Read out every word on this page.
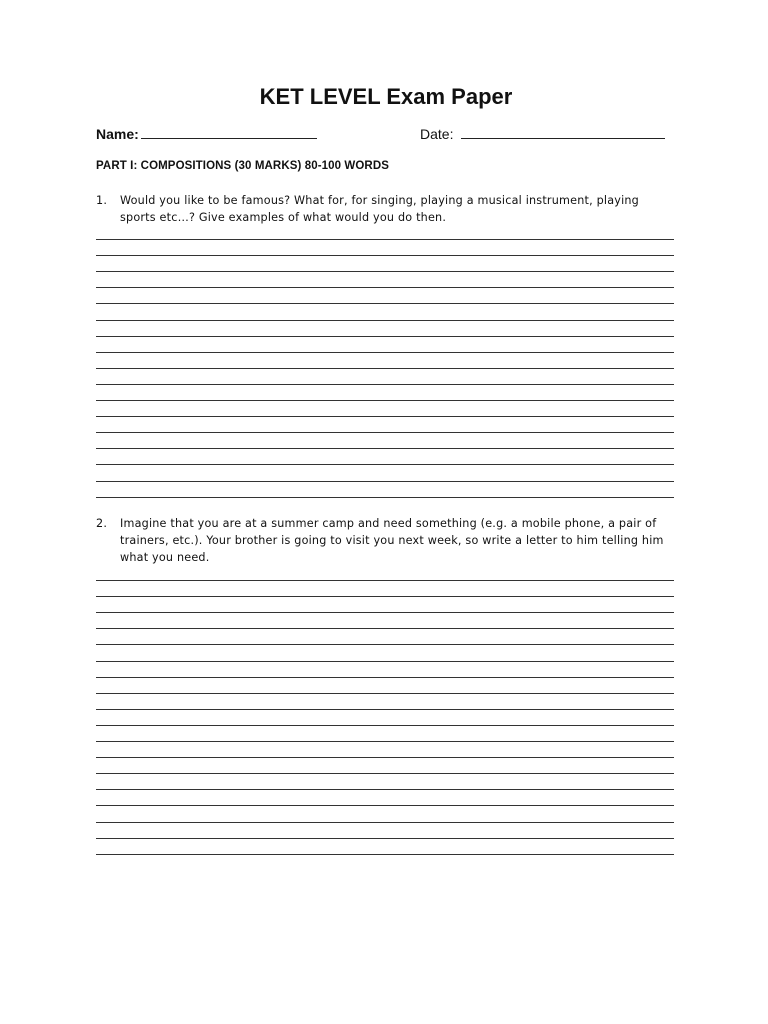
KET LEVEL Exam Paper
Name:	Date:
PART I: COMPOSITIONS (30 MARKS) 80-100 WORDS
1. Would you like to be famous? What for, for singing, playing a musical instrument, playing sports etc…? Give examples of what would you do then.
2. Imagine that you are at a summer camp and need something (e.g. a mobile phone, a pair of trainers, etc.). Your brother is going to visit you next week, so write a letter to him telling him what you need.
